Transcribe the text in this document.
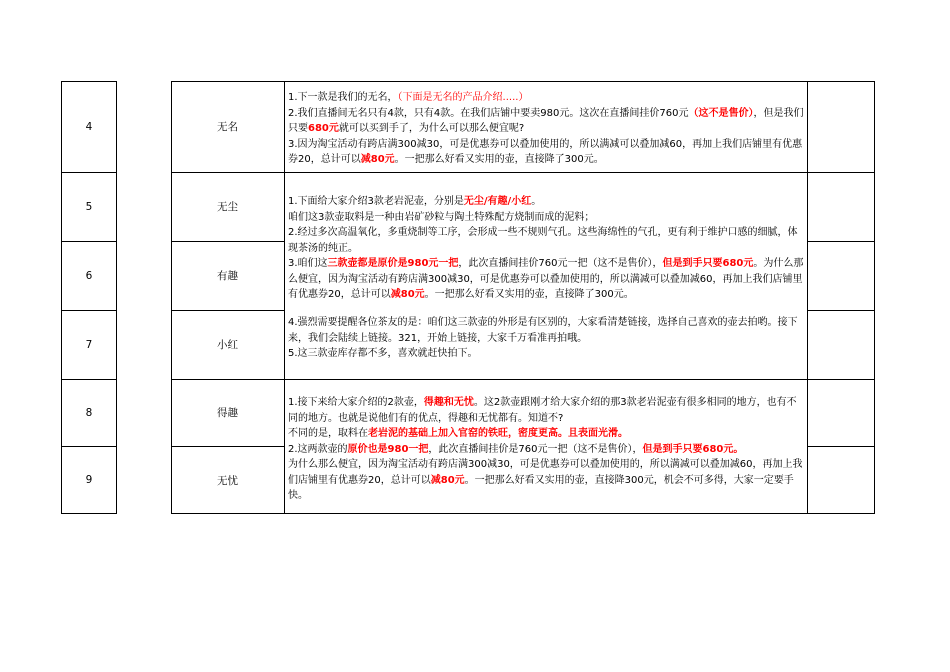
4
5
6
7
8
9
无名
无尘
有趣
小红
得趣
无忧
1.下一款是我们的无名，（下面是无名的产品介绍.....）
2.我们直播间无名只有4款，只有4款。在我们店铺中要卖980元。这次在直播间挂价760元（这不是售价），但是我们只要680元就可以买到手了，为什么可以那么便宜呢?
3.因为淘宝活动有跨店满300减30，可是优惠券可以叠加使用的，所以满减可以叠加减60，再加上我们店铺里有优惠券20，总计可以减80元。一把那么好看又实用的壶，直接降了300元。
1.下面给大家介绍3款老岩泥壶，分别是无尘/有趣/小红。
咱们这3款壶取料是一种由岩矿砂粒与陶土特殊配方烧制而成的泥料；
2.经过多次高温氧化，多重烧制等工序，会形成一些不规则气孔。这些海绵性的气孔，更有利于维护口感的细腻，体现茶汤的纯正。
3.咱们这三款壶都是原价是980元一把，此次直播间挂价760元一把（这不是售价），但是到手只要680元。为什么那么便宜，因为淘宝活动有跨店满300减30，可是优惠券可以叠加使用的，所以满减可以叠加减60，再加上我们店铺里有优惠券20，总计可以减80元。一把那么好看又实用的壶，直接降了300元。
4.强烈需要提醒各位茶友的是：咱们这三款壶的外形是有区别的，大家看清楚链接，选择自己喜欢的壶去拍哟。接下来，我们会陆续上链接。321，开始上链接，大家千万看准再拍哦。
5.这三款壶库存都不多，喜欢就赶快拍下。
1.接下来给大家介绍的2款壶，得趣和无忧。这2款壶跟刚才给大家介绍的那3款老岩泥壶有很多相同的地方，也有不同的地方。也就是说他们有的优点，得趣和无忧都有。知道不?
不同的是，取料在老岩泥的基础上加入官窑的铁旺，密度更高。且表面光滑。
2.这两款壶的原价也是980一把，此次直播间挂价是760元一把（这不是售价），但是到手只要680元。
为什么那么便宜，因为淘宝活动有跨店满300减30，可是优惠券可以叠加使用的，所以满减可以叠加减60，再加上我们店铺里有优惠券20，总计可以减80元。一把那么好看又实用的壶，直接降300元，机会不可多得，大家一定要手快。
